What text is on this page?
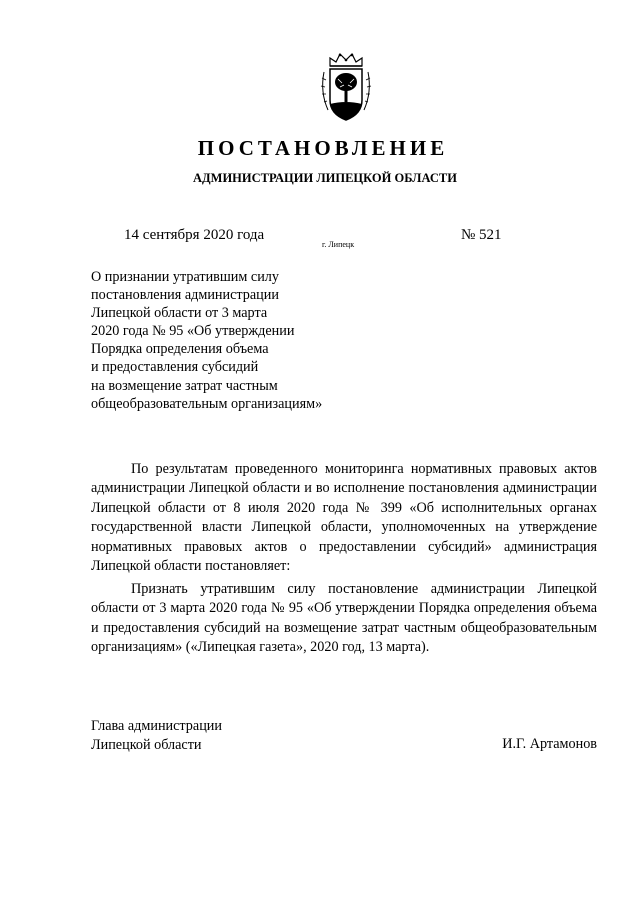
ПОСТАНОВЛЕНИЕ
АДМИНИСТРАЦИИ ЛИПЕЦКОЙ ОБЛАСТИ
14 сентября 2020 года
г. Липецк
№ 521
О признании утратившим силу
постановления администрации
Липецкой области от 3 марта
2020 года № 95 «Об утверждении
Порядка определения объема
и предоставления субсидий
на возмещение затрат частным
общеобразовательным организациям»
По результатам проведенного мониторинга нормативных правовых актов администрации Липецкой области и во исполнение постановления администрации Липецкой области от 8 июля 2020 года № 399 «Об исполнительных органах государственной власти Липецкой области, уполномоченных на утверждение нормативных правовых актов о предоставлении субсидий» администрация Липецкой области постановляет:
Признать утратившим силу постановление администрации Липецкой области от 3 марта 2020 года № 95 «Об утверждении Порядка определения объема и предоставления субсидий на возмещение затрат частным общеобразовательным организациям» («Липецкая газета», 2020 год, 13 марта).
Глава администрации
Липецкой области	И.Г. Артамонов
